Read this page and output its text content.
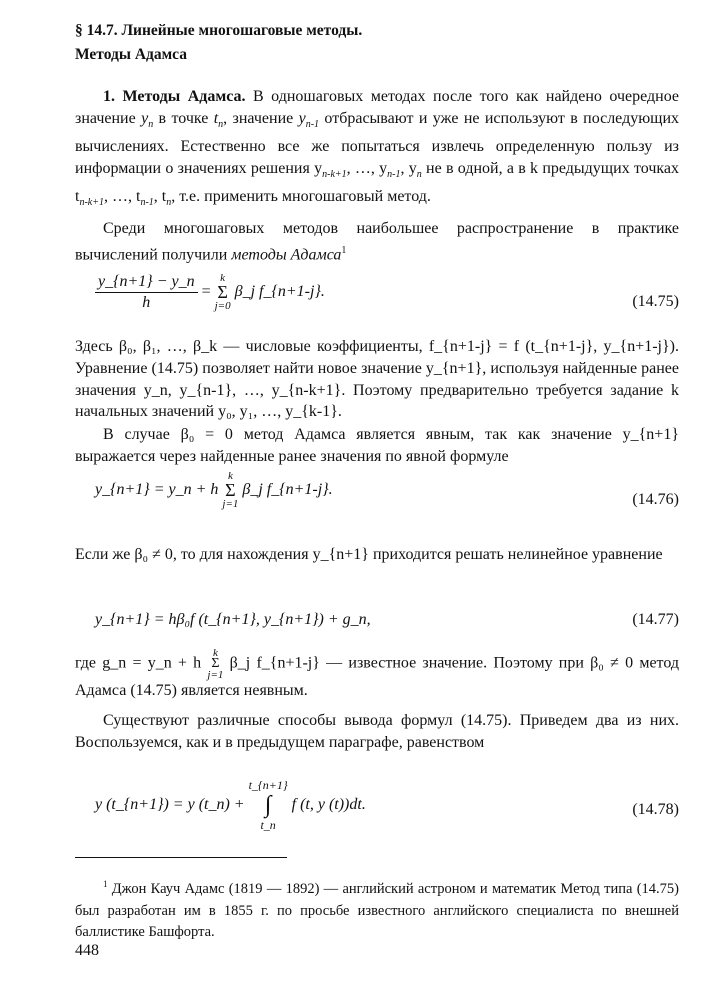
§ 14.7. Линейные многошаговые методы.
Методы Адамса

1. Методы Адамса. В одношаговых методах после того как найдено очередное значение $y_n$ в точке $t_n$, значение $y_{n-1}$ отбрасывают и уже не используют в последующих вычислениях. Естественно все же попытаться извлечь определенную пользу из информации о значениях решения $y_{n-k+1}$, …, $y_{n-1}$, $y_n$ не в одной, а в k предыдущих точках $t_{n-k+1}$, …, $t_{n-1}$, $t_n$, т.е. применить многошаговый метод.

Среди многошаговых методов наибольшее распространение в практике вычислений получили методы Адамса$^1$

$\frac{y\_\{n+1\} - y\_n}{h}$ =
k
Σ
j=0
β_j f_{n+1-j}.
(14.75)

Здесь β₀, β₁, …, β_k — числовые коэффициенты, f_{n+1-j} = f (t_{n+1-j}, y_{n+1-j}). Уравнение (14.75) позволяет найти новое значение y_{n+1}, используя найденные ранее значения y_n, y_{n-1}, …, y_{n-k+1}. Поэтому предварительно требуется задание k начальных значений y₀, y₁, …, y_{k-1}.

В случае β₀ = 0 метод Адамса является явным, так как значение y_{n+1} выражается через найденные ранее значения по явной формуле

y_{n+1} = y_n + h
k
Σ
j=1
β_j f_{n+1-j}.
(14.76)

Если же β₀ ≠ 0, то для нахождения y_{n+1} приходится решать нелинейное уравнение

y_{n+1} = hβ₀f (t_{n+1}, y_{n+1}) + g_n,	(14.77)

где g_n = y_n + h
k
Σ
j=1
β_j f_{n+1-j} — известное значение. Поэтому при β₀ ≠ 0 метод Адамса (14.75) является неявным.

Существуют различные способы вывода формул (14.75). Приведем два из них. Воспользуемся, как и в предыдущем параграфе, равенством

y (t_{n+1}) = y (t_n) +
t_{n+1}
∫
t_n
f (t, y (t))dt.	(14.78)

$^1$ Джон Кауч Адамс (1819 — 1892) — английский астроном и математик Метод типа (14.75) был разработан им в 1855 г. по просьбе известного английского специалиста по внешней баллистике Башфорта.

448
